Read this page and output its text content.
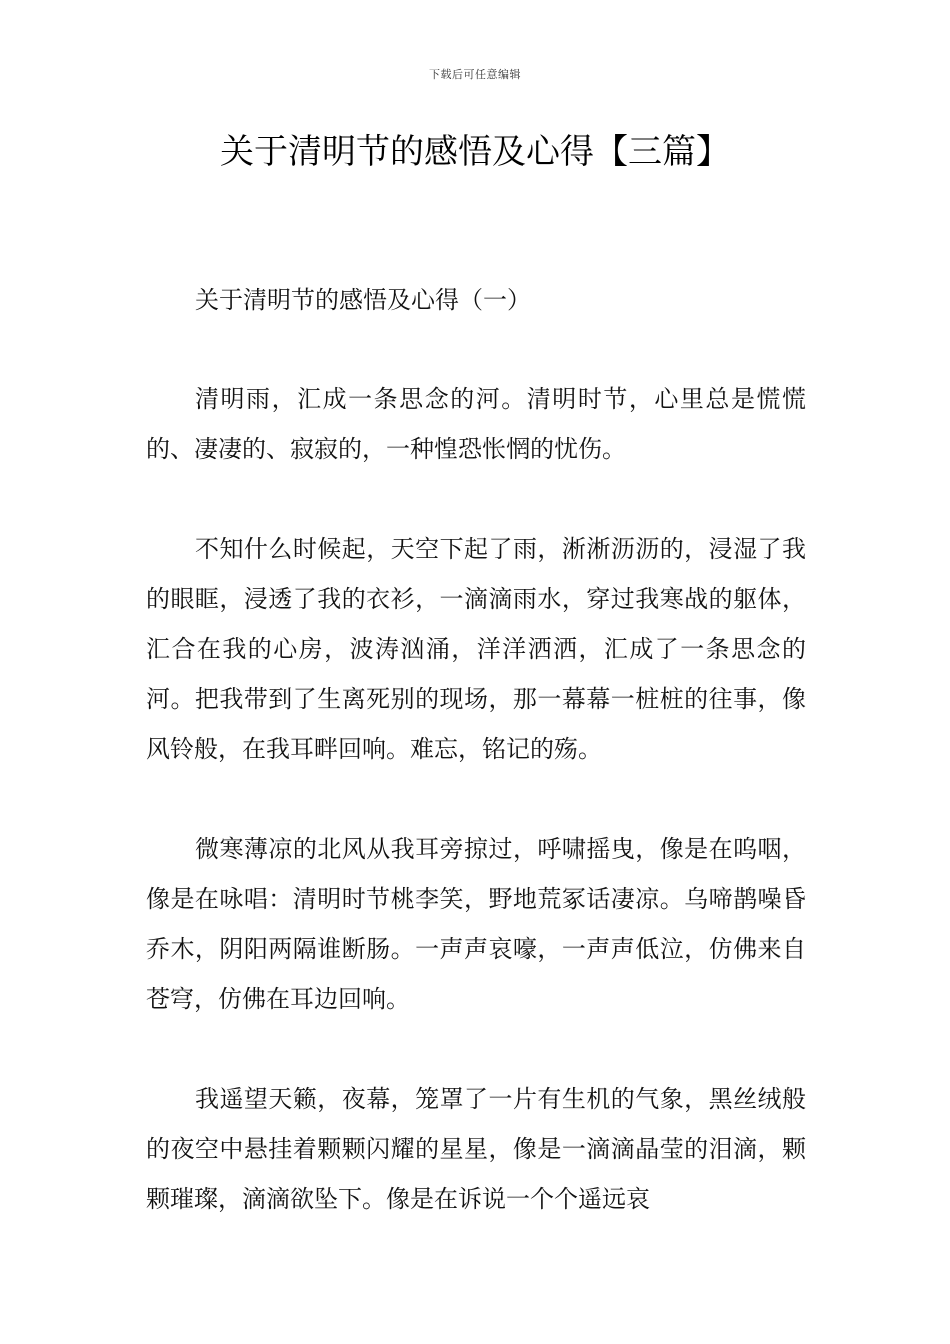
下载后可任意编辑
关于清明节的感悟及心得【三篇】
关于清明节的感悟及心得（一）

清明雨，汇成一条思念的河。清明时节，心里总是慌慌的、凄凄的、寂寂的，一种惶恐怅惘的忧伤。

不知什么时候起，天空下起了雨，淅淅沥沥的，浸湿了我的眼眶，浸透了我的衣衫，一滴滴雨水，穿过我寒战的躯体，汇合在我的心房，波涛汹涌，洋洋洒洒，汇成了一条思念的河。把我带到了生离死别的现场，那一幕幕一桩桩的往事，像风铃般，在我耳畔回响。难忘，铭记的殇。

微寒薄凉的北风从我耳旁掠过，呼啸摇曳，像是在呜咽，像是在咏唱：清明时节桃李笑，野地荒冢话凄凉。乌啼鹊噪昏乔木，阴阳两隔谁断肠。一声声哀嚎，一声声低泣，仿佛来自苍穹，仿佛在耳边回响。

我遥望天籁，夜幕，笼罩了一片有生机的气象，黑丝绒般的夜空中悬挂着颗颗闪耀的星星，像是一滴滴晶莹的泪滴，颗颗璀璨，滴滴欲坠下。像是在诉说一个个遥远哀
